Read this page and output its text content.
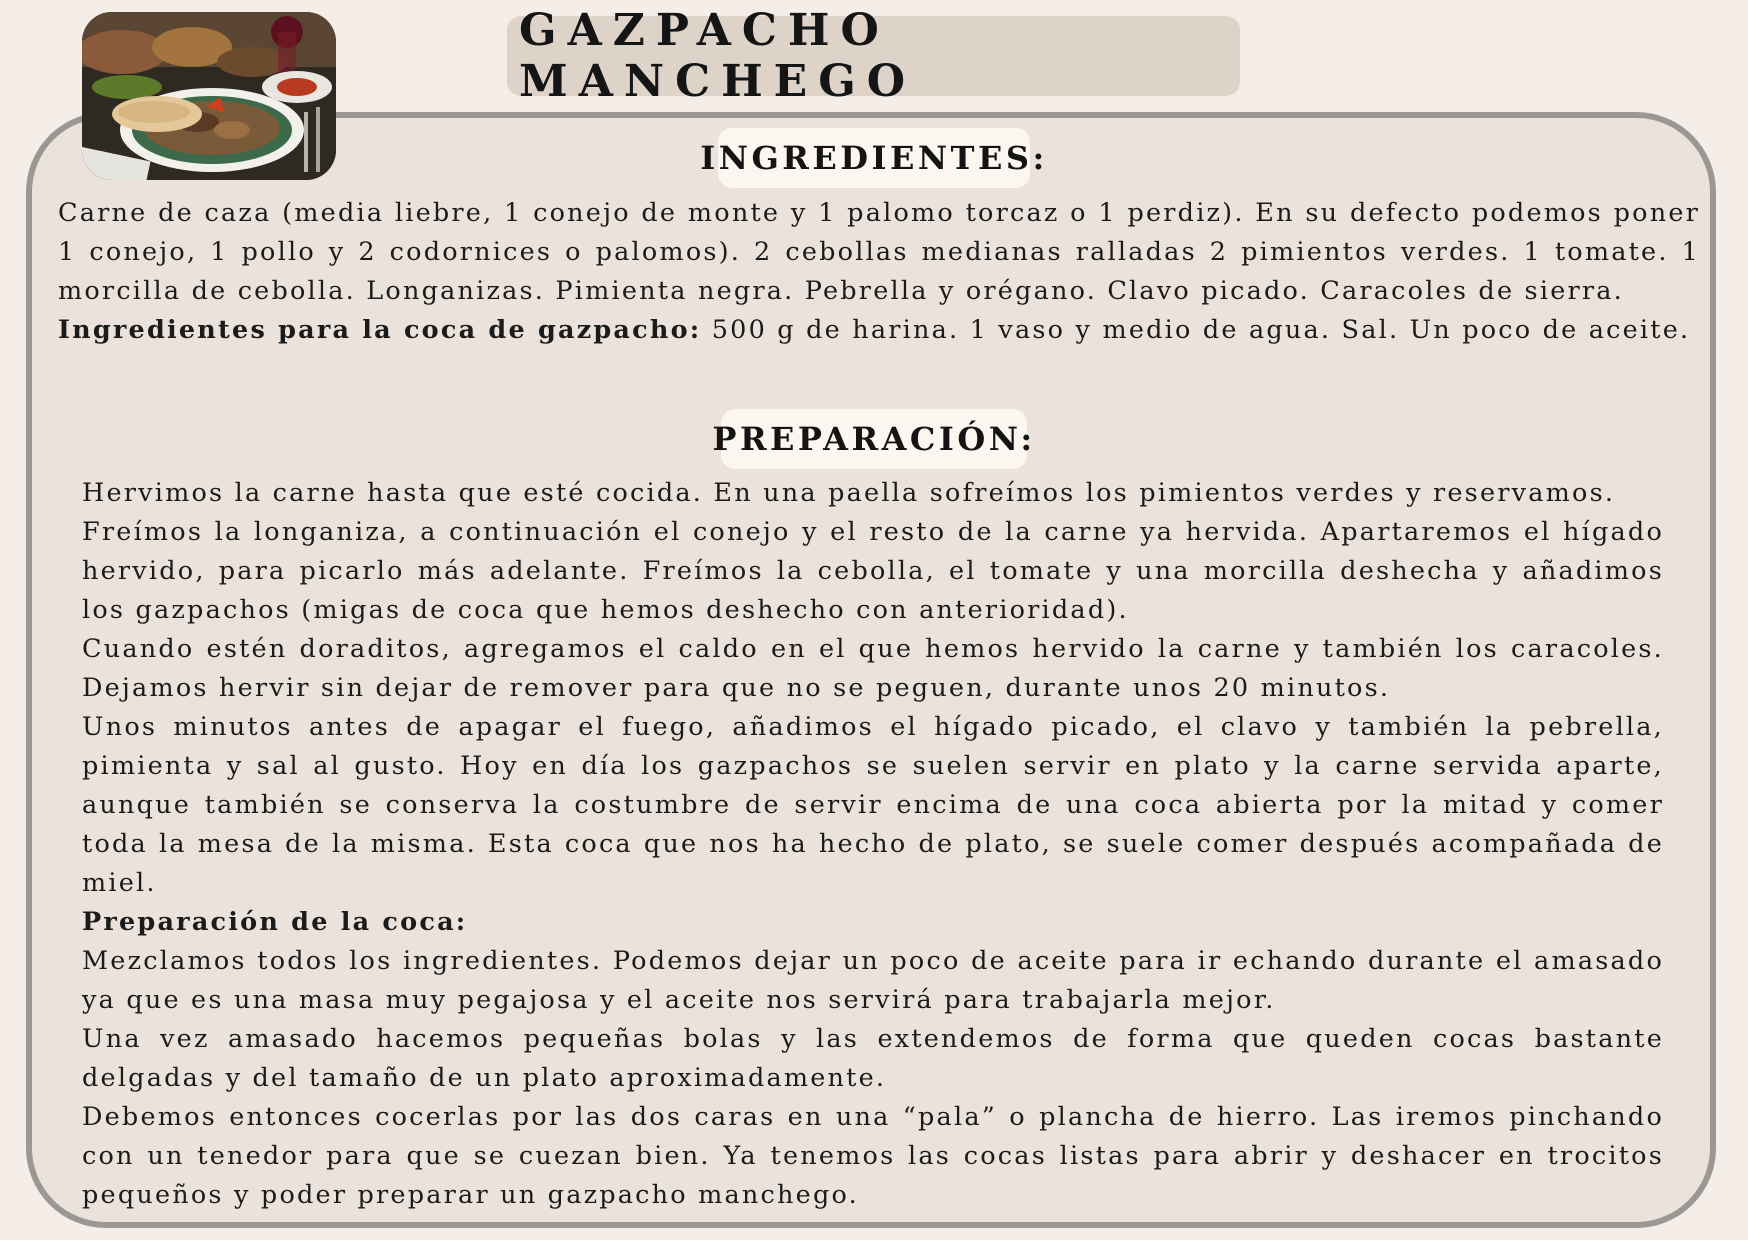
GAZPACHO MANCHEGO
INGREDIENTES:

Carne de caza (media liebre, 1 conejo de monte y 1 palomo torcaz o 1 perdiz). En su defecto podemos poner 1 conejo, 1 pollo y 2 codornices o palomos). 2 cebollas medianas ralladas 2 pimientos verdes. 1 tomate. 1 morcilla de cebolla. Longanizas. Pimienta negra. Pebrella y orégano. Clavo picado. Caracoles de sierra.
Ingredientes para la coca de gazpacho: 500 g de harina. 1 vaso y medio de agua. Sal. Un poco de aceite.

PREPARACIÓN:

Hervimos la carne hasta que esté cocida. En una paella sofreímos los pimientos verdes y reservamos.
Freímos la longaniza, a continuación el conejo y el resto de la carne ya hervida. Apartaremos el hígado hervido, para picarlo más adelante. Freímos la cebolla, el tomate y una morcilla deshecha y añadimos los gazpachos (migas de coca que hemos deshecho con anterioridad).
Cuando estén doraditos, agregamos el caldo en el que hemos hervido la carne y también los caracoles. Dejamos hervir sin dejar de remover para que no se peguen, durante unos 20 minutos.
Unos minutos antes de apagar el fuego, añadimos el hígado picado, el clavo y también la pebrella, pimienta y sal al gusto. Hoy en día los gazpachos se suelen servir en plato y la carne servida aparte, aunque también se conserva la costumbre de servir encima de una coca abierta por la mitad y comer toda la mesa de la misma. Esta coca que nos ha hecho de plato, se suele comer después acompañada de miel.
Preparación de la coca:
Mezclamos todos los ingredientes. Podemos dejar un poco de aceite para ir echando durante el amasado ya que es una masa muy pegajosa y el aceite nos servirá para trabajarla mejor.
Una vez amasado hacemos pequeñas bolas y las extendemos de forma que queden cocas bastante delgadas y del tamaño de un plato aproximadamente.
Debemos entonces cocerlas por las dos caras en una “pala” o plancha de hierro. Las iremos pinchando con un tenedor para que se cuezan bien. Ya tenemos las cocas listas para abrir y deshacer en trocitos pequeños y poder preparar un gazpacho manchego.
